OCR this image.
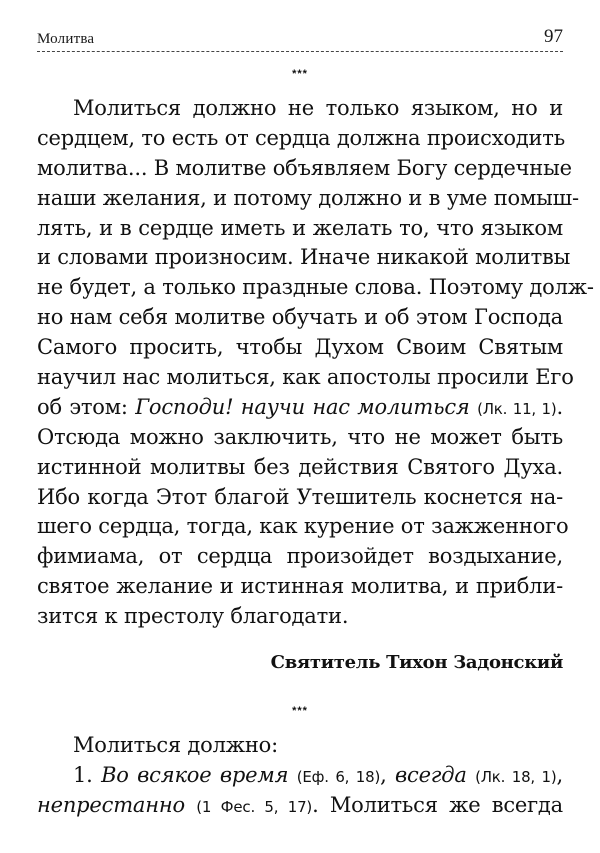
Молитва	97
***
Молиться должно не только языком, но и
сердцем, то есть от сердца должна происходить
молитва... В молитве объявляем Богу сердечные
наши желания, и потому должно и в уме помыш-
лять, и в сердце иметь и желать то, что языком
и словами произносим. Иначе никакой молитвы
не будет, а только праздные слова. Поэтому долж-
но нам себя молитве обучать и об этом Господа
Самого просить, чтобы Духом Своим Святым
научил нас молиться, как апостолы просили Его
об этом: Господи! научи нас молиться (Лк. 11, 1).
Отсюда можно заключить, что не может быть
истинной молитвы без действия Святого Духа.
Ибо когда Этот благой Утешитель коснется на-
шего сердца, тогда, как курение от зажженного
фимиама, от сердца произойдет воздыхание,
святое желание и истинная молитва, и прибли-
зится к престолу благодати.
Святитель Тихон Задонский
***
Молиться должно:
1. Во всякое время (Еф. 6, 18), всегда (Лк. 18, 1),
непрестанно (1 Фес. 5, 17). Молиться же всегда
